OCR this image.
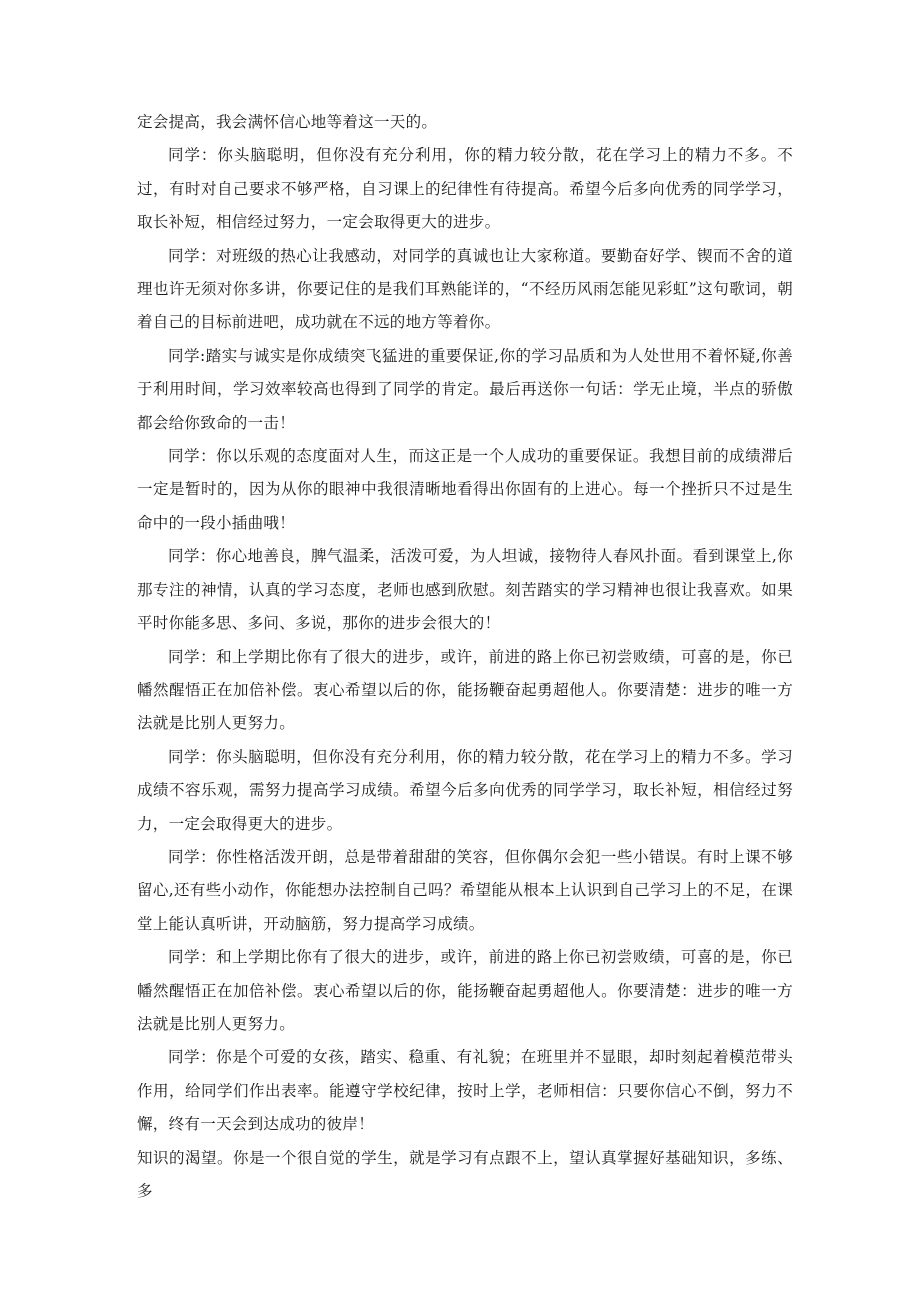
定会提高，我会满怀信心地等着这一天的。

同学：你头脑聪明，但你没有充分利用，你的精力较分散，花在学习上的精力不多。不过，有时对自己要求不够严格，自习课上的纪律性有待提高。希望今后多向优秀的同学学习，取长补短，相信经过努力，一定会取得更大的进步。

同学：对班级的热心让我感动，对同学的真诚也让大家称道。要勤奋好学、锲而不舍的道理也许无须对你多讲，你要记住的是我们耳熟能详的，“不经历风雨怎能见彩虹”这句歌词，朝着自己的目标前进吧，成功就在不远的地方等着你。

同学:踏实与诚实是你成绩突飞猛进的重要保证,你的学习品质和为人处世用不着怀疑,你善于利用时间，学习效率较高也得到了同学的肯定。最后再送你一句话：学无止境，半点的骄傲都会给你致命的一击！

同学：你以乐观的态度面对人生，而这正是一个人成功的重要保证。我想目前的成绩滞后一定是暂时的，因为从你的眼神中我很清晰地看得出你固有的上进心。每一个挫折只不过是生命中的一段小插曲哦！

同学：你心地善良，脾气温柔，活泼可爱，为人坦诚，接物待人春风扑面。看到课堂上,你那专注的神情，认真的学习态度，老师也感到欣慰。刻苦踏实的学习精神也很让我喜欢。如果平时你能多思、多问、多说，那你的进步会很大的！

同学：和上学期比你有了很大的进步，或许，前进的路上你已初尝败绩，可喜的是，你已幡然醒悟正在加倍补偿。衷心希望以后的你，能扬鞭奋起勇超他人。你要清楚：进步的唯一方法就是比别人更努力。

同学：你头脑聪明，但你没有充分利用，你的精力较分散，花在学习上的精力不多。学习成绩不容乐观，需努力提高学习成绩。希望今后多向优秀的同学学习，取长补短，相信经过努力，一定会取得更大的进步。

同学：你性格活泼开朗，总是带着甜甜的笑容，但你偶尔会犯一些小错误。有时上课不够留心,还有些小动作，你能想办法控制自己吗？希望能从根本上认识到自己学习上的不足，在课堂上能认真听讲，开动脑筋，努力提高学习成绩。

同学：和上学期比你有了很大的进步，或许，前进的路上你已初尝败绩，可喜的是，你已幡然醒悟正在加倍补偿。衷心希望以后的你，能扬鞭奋起勇超他人。你要清楚：进步的唯一方法就是比别人更努力。

同学：你是个可爱的女孩，踏实、稳重、有礼貌；在班里并不显眼，却时刻起着模范带头作用，给同学们作出表率。能遵守学校纪律，按时上学，老师相信：只要你信心不倒，努力不懈，终有一天会到达成功的彼岸！

知识的渴望。你是一个很自觉的学生，就是学习有点跟不上，望认真掌握好基础知识，多练、多
